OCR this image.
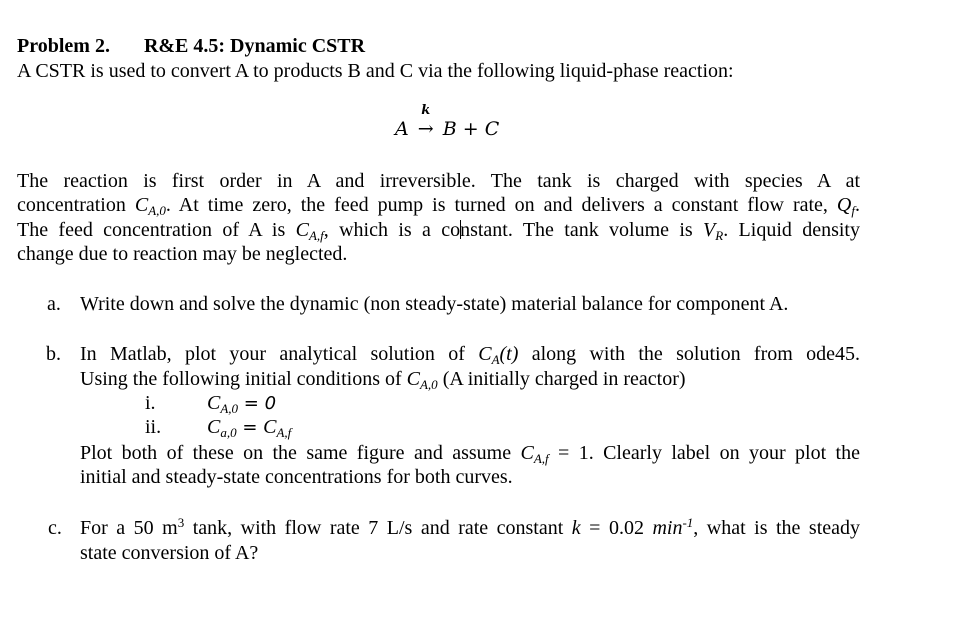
Problem 2. R&E 4.5: Dynamic CSTR
A CSTR is used to convert A to products B and C via the following liquid-phase reaction:
A
k
→ B + C
The reaction is first order in A and irreversible. The tank is charged with species A at
concentration $C_{A,0}$. At time zero, the feed pump is turned on and delivers a constant flow rate, $Q_f$.
The feed concentration of A is $C_{A,f}$, which is a constant. The tank volume is $V_R$. Liquid density
change due to reaction may be neglected.
a. Write down and solve the dynamic (non steady-state) material balance for component A.
b. In Matlab, plot your analytical solution of $C_A(t)$ along with the solution from ode45.
Using the following initial conditions of $C_{A,0}$ (A initially charged in reactor)
i.	$C_{A,0} = 0$
ii. $C_{a,0} = C_{A,f}$
Plot both of these on the same figure and assume $C_{A,f} = 1$. Clearly label on your plot the
initial and steady-state concentrations for both curves.
c. For a 50 $m^3$ tank, with flow rate 7 L/s and rate constant k = 0.02 $\min^{-1}$, what is the steady
state conversion of A?
